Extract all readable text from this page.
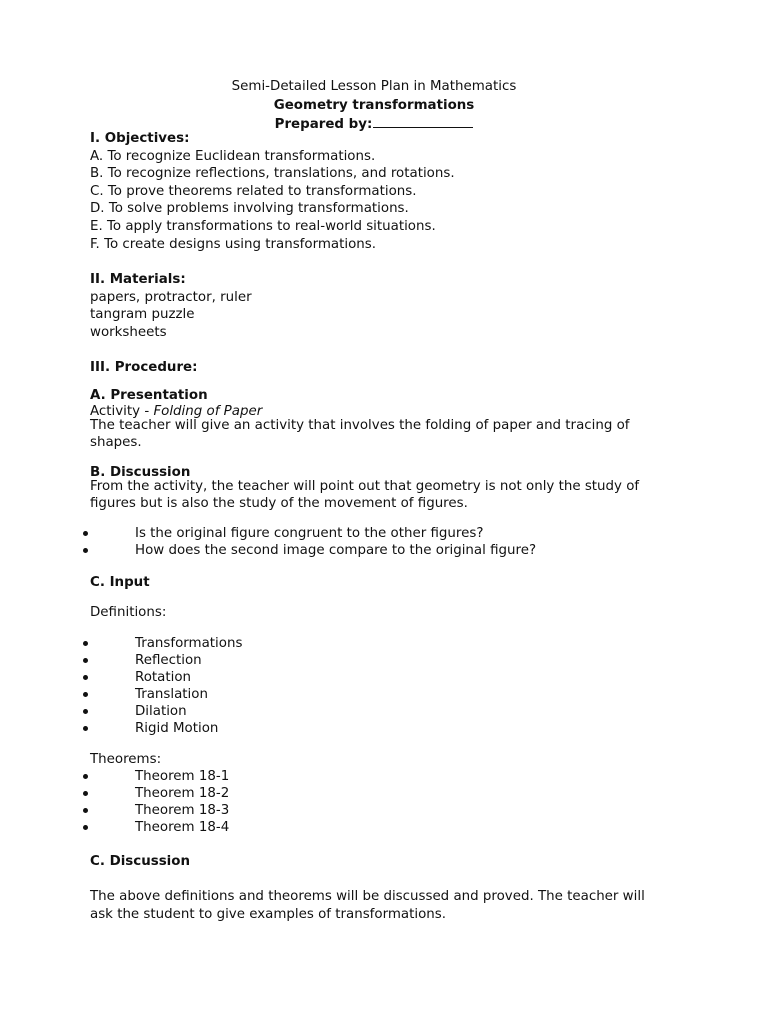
Semi-Detailed Lesson Plan in Mathematics
Geometry transformations
Prepared by:
I. Objectives:
A. To recognize Euclidean transformations.
B. To recognize reflections, translations, and rotations.
C. To prove theorems related to transformations.
D. To solve problems involving transformations.
E. To apply transformations to real-world situations.
F. To create designs using transformations.
II. Materials:
papers, protractor, ruler
tangram puzzle
worksheets
III. Procedure:
A. Presentation
Activity - Folding of Paper
The teacher will give an activity that involves the folding of paper and tracing of shapes.
B. Discussion
From the activity, the teacher will point out that geometry is not only the study of figures but is also the study of the movement of figures.
Is the original figure congruent to the other figures?
How does the second image compare to the original figure?
C. Input
Definitions:
Transformations
Reflection
Rotation
Translation
Dilation
Rigid Motion
Theorems:
Theorem 18-1
Theorem 18-2
Theorem 18-3
Theorem 18-4
C. Discussion
The above definitions and theorems will be discussed and proved. The teacher will ask the student to give examples of transformations.
